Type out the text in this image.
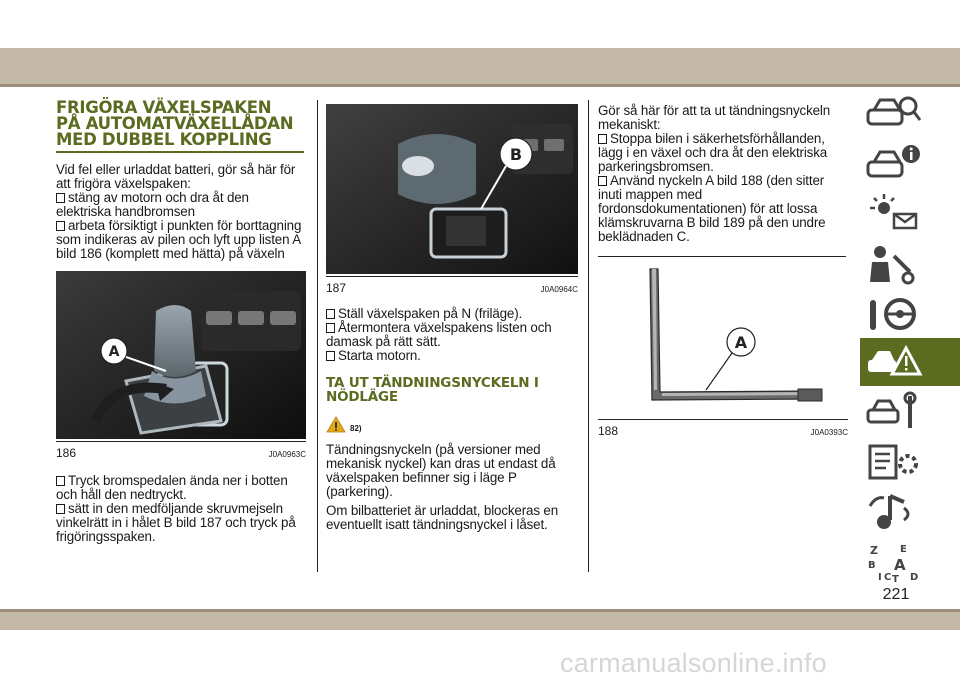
FRIGÖRA VÄXELSPAKEN
PÅ AUTOMATVÄXELLÅDAN
MED DUBBEL KOPPLING

Vid fel eller urladdat batteri, gör så här för att frigöra växelspaken:

stäng av motorn och dra åt den elektriska handbromsen
arbeta försiktigt i punkten för borttagning som indikeras av pilen och lyft upp listen A bild 186 (komplett med hätta) på växeln
A
186	J0A0963C
Tryck bromspedalen ända ner i botten och håll den nedtryckt.
sätt in den medföljande skruvmejseln vinkelrätt in i hålet B bild 187 och tryck på frigöringsspaken.
B
187	J0A0964C
Ställ växelspaken på N (friläge).
Återmontera växelspakens listen och damask på rätt sätt.
Starta motorn.
TA UT TÄNDNINGSNYCKELN I
NÖDLÄGE
82)

Tändningsnyckeln (på versioner med mekanisk nyckel) kan dras ut endast då växelspaken befinner sig i läge P (parkering).

Om bilbatteriet är urladdat, blockeras en eventuellt isatt tändningsnyckel i låset.

Gör så här för att ta ut tändningsnyckeln mekaniskt:

Stoppa bilen i säkerhetsförhållanden, lägg i en växel och dra åt den elektriska parkeringsbromsen.
Använd nyckeln A bild 188 (den sitter inuti mappen med fordonsdokumentationen) för att lossa klämskruvarna B bild 189 på den undre beklädnaden C.
A
188	J0A0393C
Z E
B A
I C T D
221
carmanualsonline.info
